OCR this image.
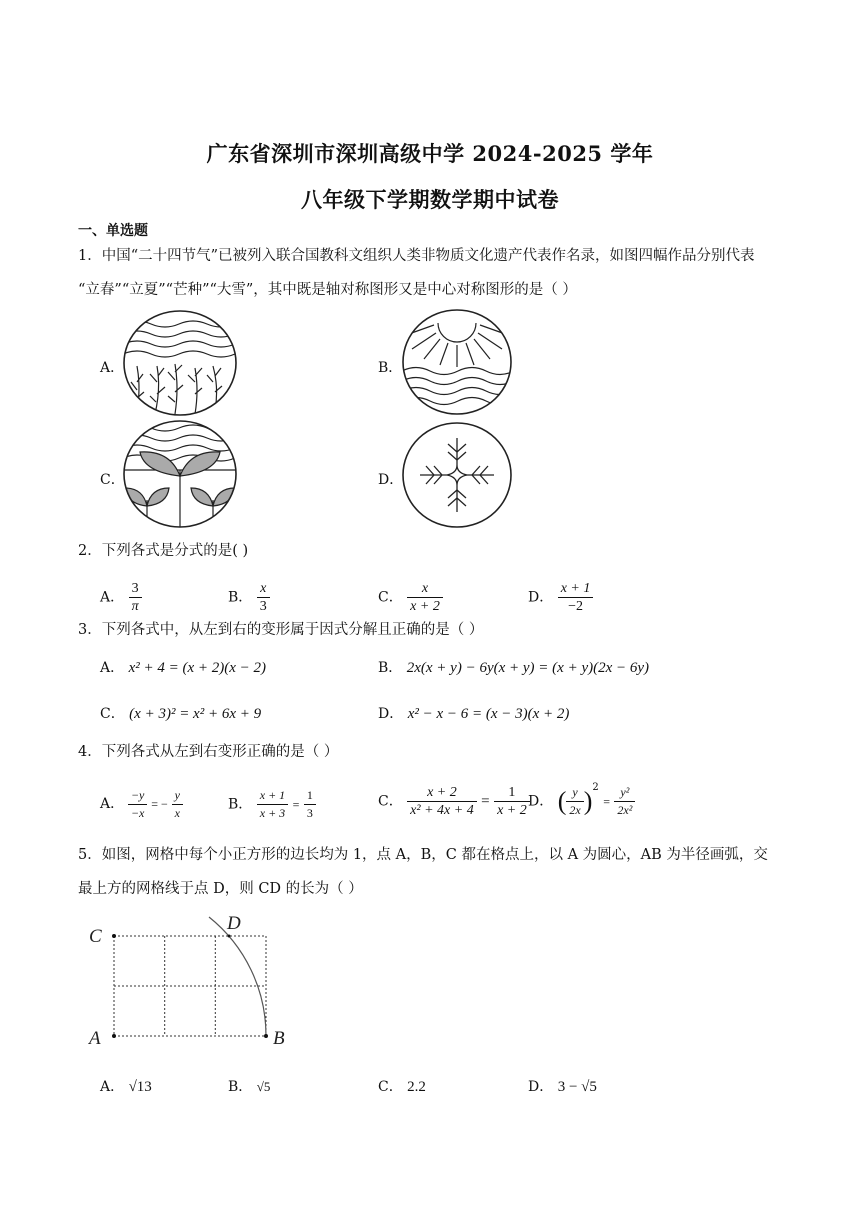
广东省深圳市深圳高级中学 2024-2025 学年
八年级下学期数学期中试卷
一、单选题
1．中国“二十四节气”已被列入联合国教科文组织人类非物质文化遗产代表作名录，如图四幅作品分别代表
“立春”“立夏”“芒种”“大雪”，其中既是轴对称图形又是中心对称图形的是（ ）
A．	B．
C．	D．
2．下列各式是分式的是( )
A． $\frac{3}{\pi}$	B． $\frac{x}{3}$	C． $\frac{x}{x + 2}$	D． $\frac{x + 1}{-2}$
3．下列各式中，从左到右的变形属于因式分解且正确的是（ ）
A． x² + 4 = (x + 2)(x − 2)	B． 2x(x + y) − 6y(x + y) = (x + y)(2x − 6y)
C． (x + 3)² = x² + 6x + 9	D． x² − x − 6 = (x − 3)(x + 2)
4．下列各式从左到右变形正确的是（ ）
A． $\frac{-y}{-x}$ = − $\frac{y}{x}$	B． $\frac{x + 1}{x + 3} = \frac{1}{3}$	C． $\frac{x + 2}{\text{x² + 4x + 4}} = \frac{1}{x + 2}$
D． ( $\frac{y}{2x} )^2 = \frac{\text{y²}}{\text{2x²}}$
5．如图，网格中每个小正方形的边长均为 1，点 A，B，C 都在格点上，以 A 为圆心，AB 为半径画弧，交
最上方的网格线于点 D，则 CD 的长为（ ）
C
D
A	B
A． √13	B． √5	C． 2.2	D． 3 − √5
